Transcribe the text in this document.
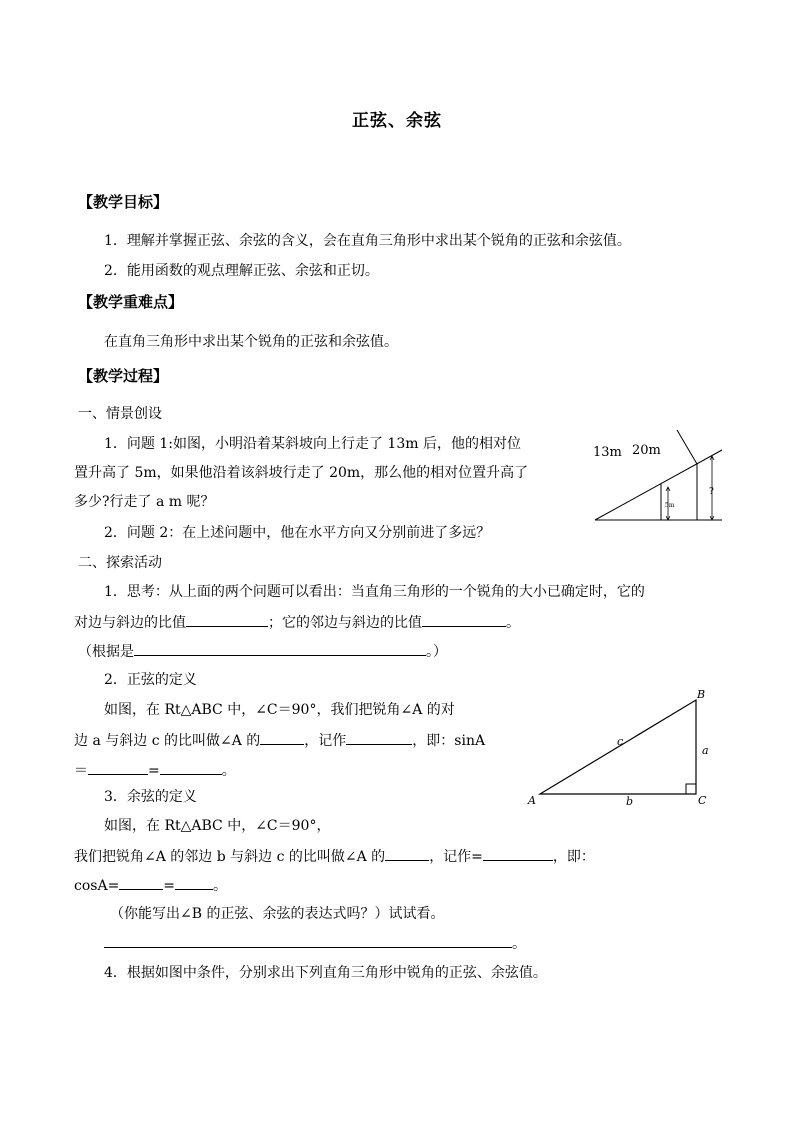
正弦、余弦
【教学目标】
1．理解并掌握正弦、余弦的含义，会在直角三角形中求出某个锐角的正弦和余弦值。
2．能用函数的观点理解正弦、余弦和正切。
【教学重难点】
在直角三角形中求出某个锐角的正弦和余弦值。
【教学过程】
一、情景创设
1．问题 1:如图，小明沿着某斜坡向上行走了 13m 后，他的相对位
置升高了 5m，如果他沿着该斜坡行走了 20m，那么他的相对位置升高了
多少?行走了 a m 呢？
2．问题 2：在上述问题中，他在水平方向又分别前进了多远？
13m 20m
5m
?
二、探索活动
1．思考：从上面的两个问题可以看出：当直角三角形的一个锐角的大小已确定时，它的
对边与斜边的比值	；它的邻边与斜边的比值	。
（根据是	。）
2．正弦的定义
如图，在 Rt△ABC 中，∠C＝90°，我们把锐角∠A 的对
边 a 与斜边 c 的比叫做∠A 的	，记作	，即：sinA
＝	=	。
A
B
C
a
b
c
3．余弦的定义
如图，在 Rt△ABC 中，∠C＝90°，
我们把锐角∠A 的邻边 b 与斜边 c 的比叫做∠A 的	，记作=	，即：
cosA=	=	。
（你能写出∠B 的正弦、余弦的表达式吗？）试试看。
。
4．根据如图中条件，分别求出下列直角三角形中锐角的正弦、余弦值。
